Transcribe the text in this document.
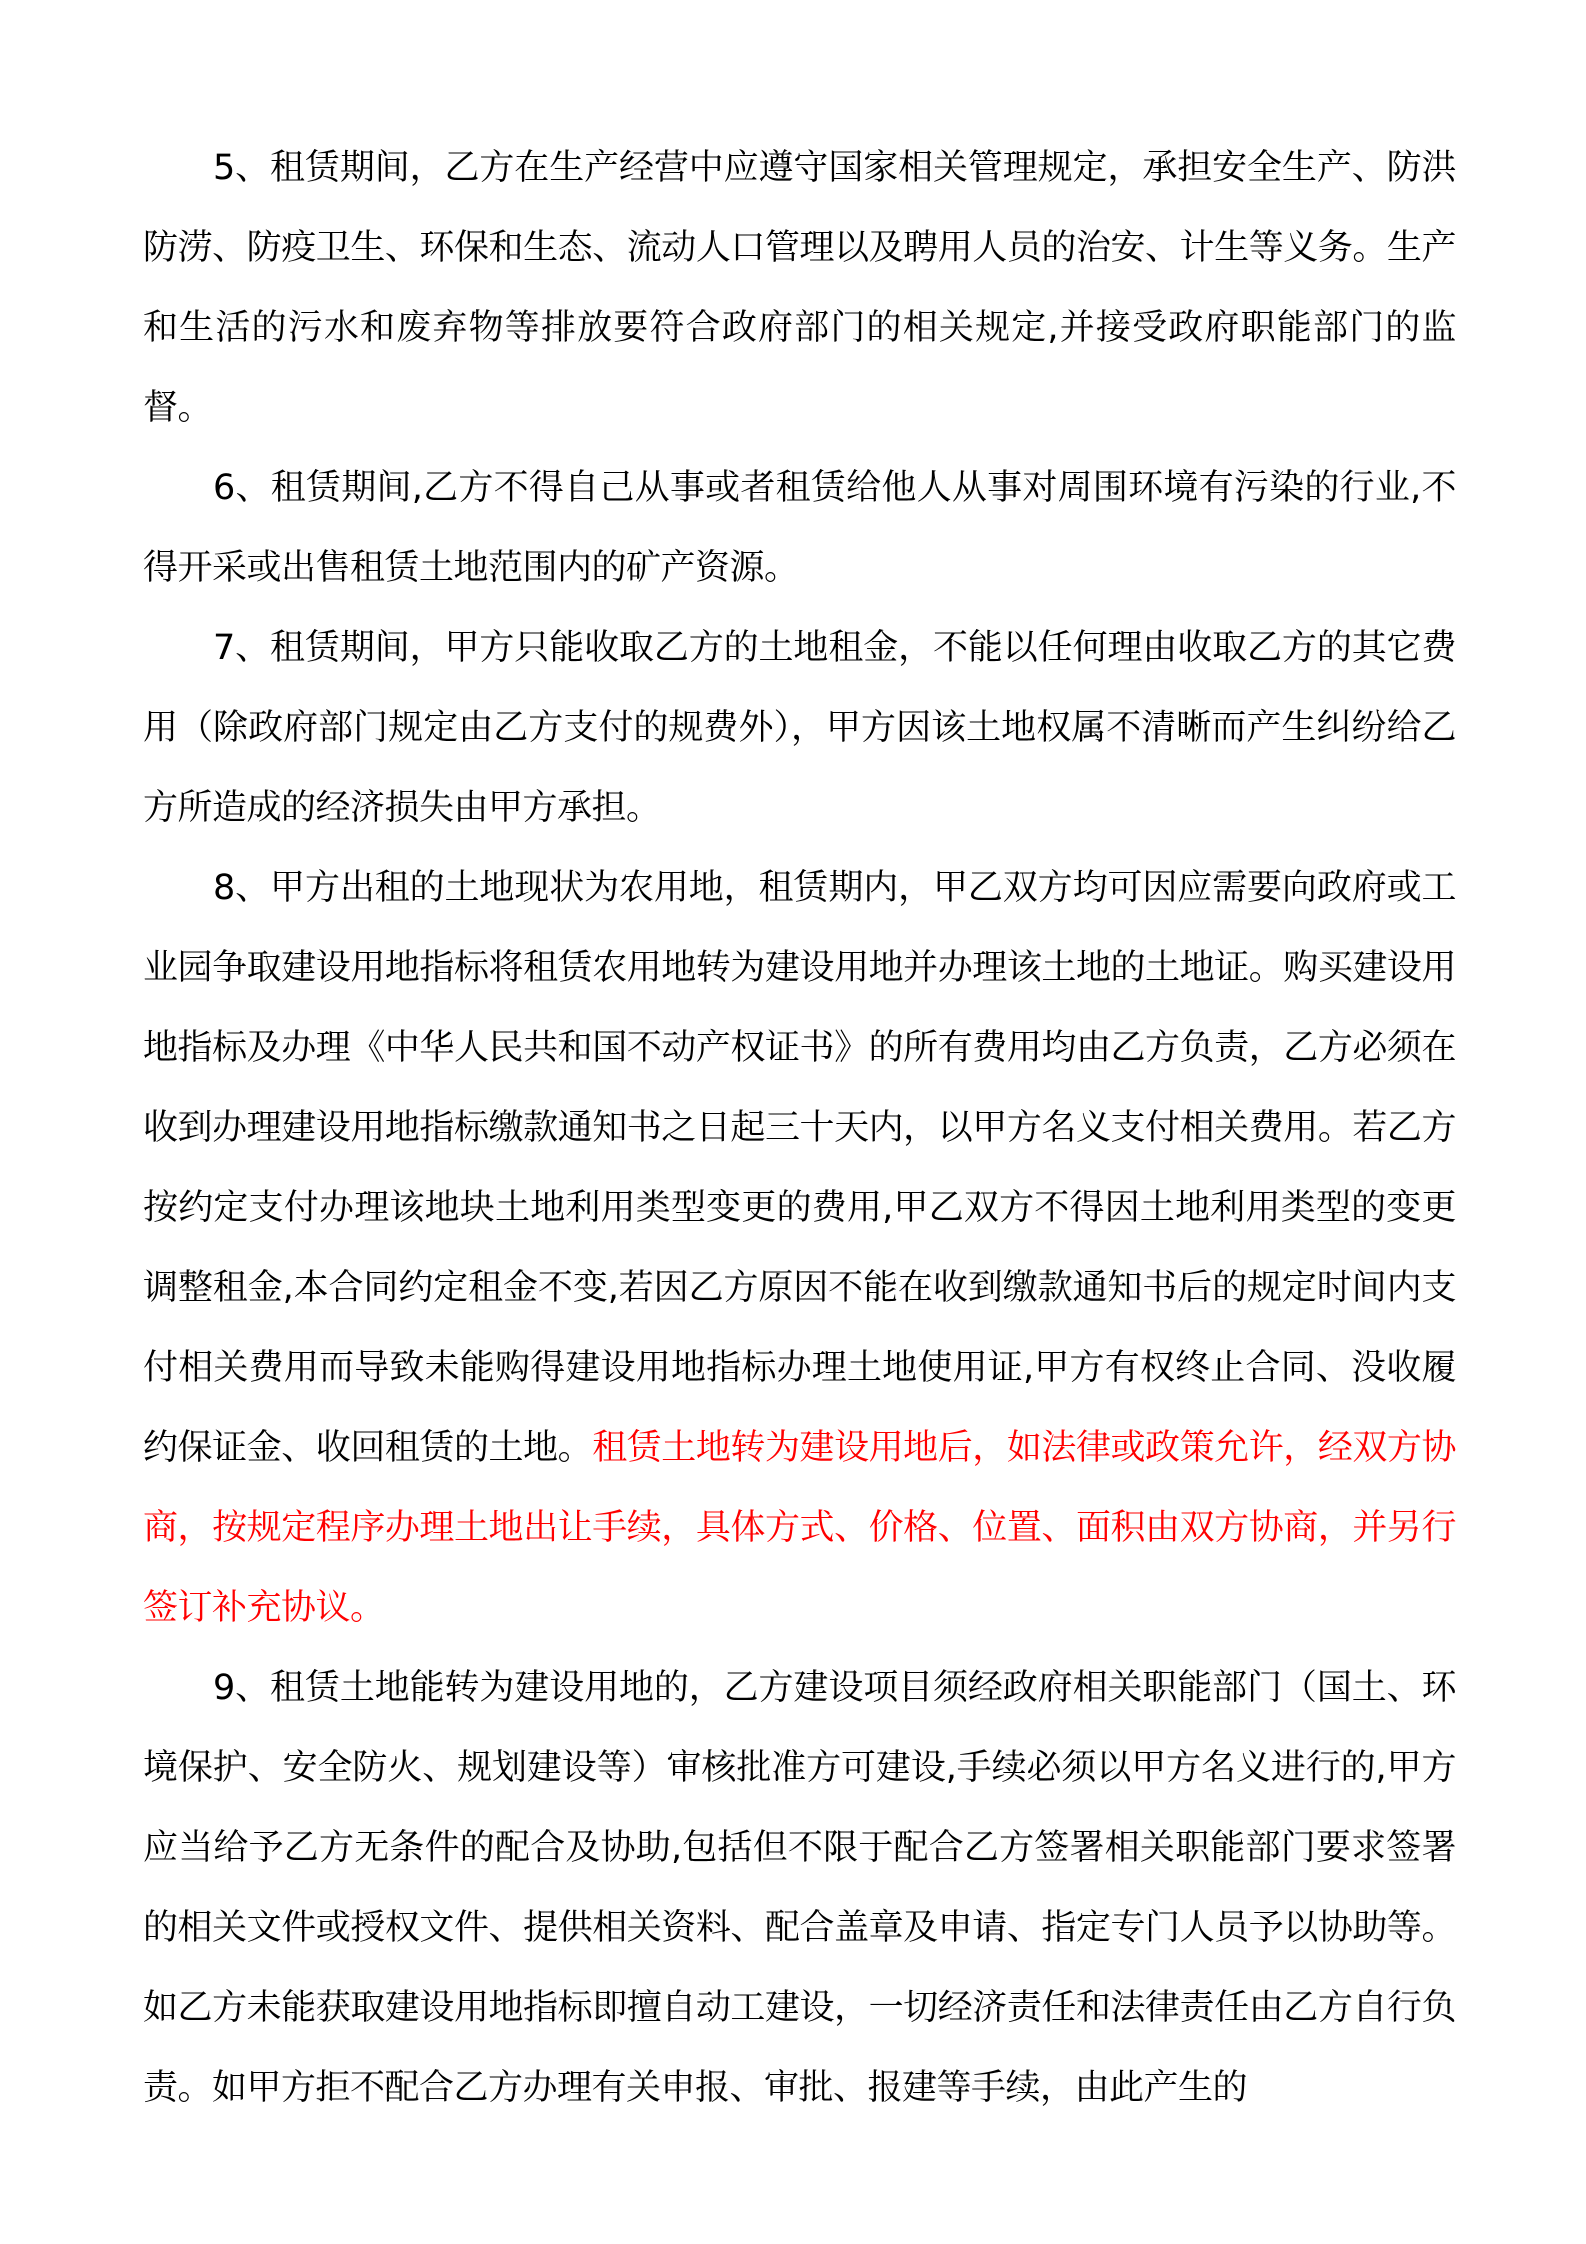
5、租赁期间，乙方在生产经营中应遵守国家相关管理规定，承担安全生产、防洪防涝、防疫卫生、环保和生态、流动人口管理以及聘用人员的治安、计生等义务。生产和生活的污水和废弃物等排放要符合政府部门的相关规定,并接受政府职能部门的监督。

6、租赁期间,乙方不得自己从事或者租赁给他人从事对周围环境有污染的行业,不得开采或出售租赁土地范围内的矿产资源。

7、租赁期间，甲方只能收取乙方的土地租金，不能以任何理由收取乙方的其它费用（除政府部门规定由乙方支付的规费外），甲方因该土地权属不清晰而产生纠纷给乙方所造成的经济损失由甲方承担。

8、甲方出租的土地现状为农用地，租赁期内，甲乙双方均可因应需要向政府或工业园争取建设用地指标将租赁农用地转为建设用地并办理该土地的土地证。购买建设用地指标及办理《中华人民共和国不动产权证书》的所有费用均由乙方负责，乙方必须在收到办理建设用地指标缴款通知书之日起三十天内，以甲方名义支付相关费用。若乙方按约定支付办理该地块土地利用类型变更的费用,甲乙双方不得因土地利用类型的变更调整租金,本合同约定租金不变,若因乙方原因不能在收到缴款通知书后的规定时间内支付相关费用而导致未能购得建设用地指标办理土地使用证,甲方有权终止合同、没收履约保证金、收回租赁的土地。租赁土地转为建设用地后，如法律或政策允许，经双方协商，按规定程序办理土地出让手续，具体方式、价格、位置、面积由双方协商，并另行签订补充协议。

9、租赁土地能转为建设用地的，乙方建设项目须经政府相关职能部门（国土、环境保护、安全防火、规划建设等）审核批准方可建设,手续必须以甲方名义进行的,甲方应当给予乙方无条件的配合及协助,包括但不限于配合乙方签署相关职能部门要求签署的相关文件或授权文件、提供相关资料、配合盖章及申请、指定专门人员予以协助等。如乙方未能获取建设用地指标即擅自动工建设，一切经济责任和法律责任由乙方自行负责。如甲方拒不配合乙方办理有关申报、审批、报建等手续，由此产生的
